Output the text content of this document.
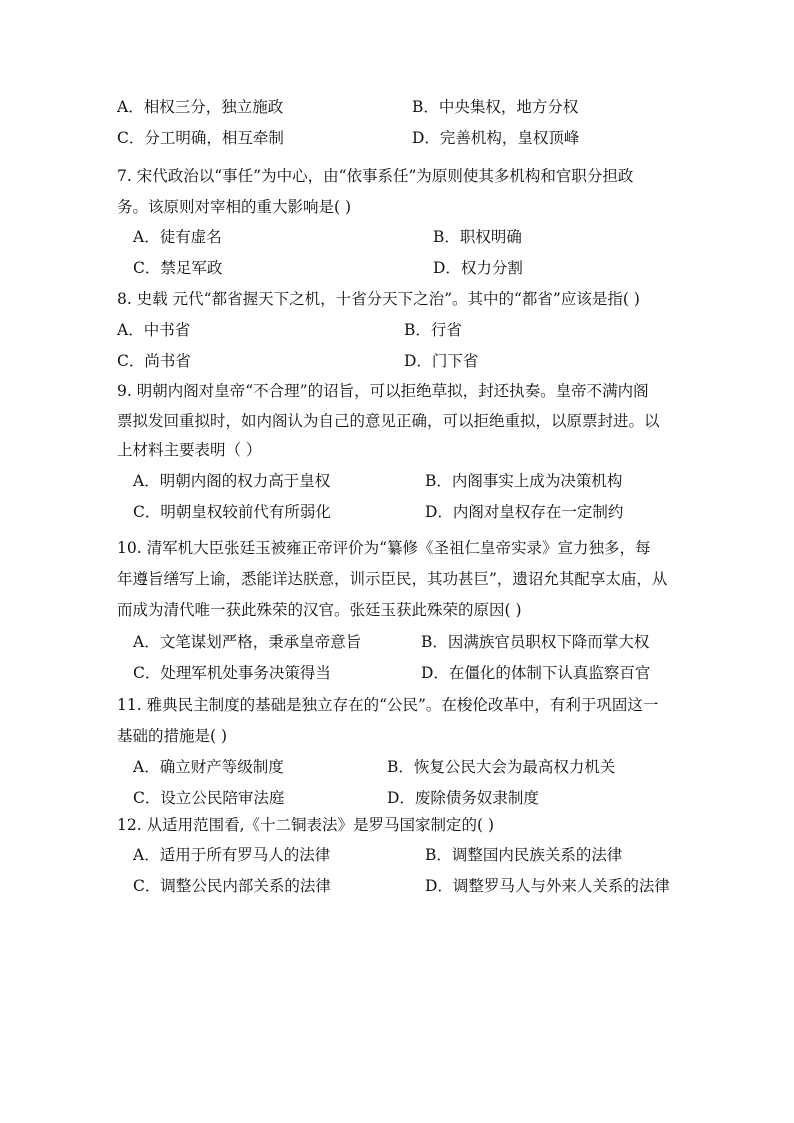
A．相权三分，独立施政	B．中央集权，地方分权
C．分工明确，相互牵制	D．完善机构，皇权顶峰
7. 宋代政治以“事任”为中心，由“依事系任”为原则使其多机构和官职分担政
务。该原则对宰相的重大影响是( )
A．徒有虚名	B．职权明确
C．禁足军政	D．权力分割
8. 史载 元代“都省握天下之机，十省分天下之治”。其中的“都省”应该是指( )
A．中书省	B．行省
C．尚书省	D．门下省
9. 明朝内阁对皇帝“不合理”的诏旨，可以拒绝草拟，封还执奏。皇帝不满内阁
票拟发回重拟时，如内阁认为自己的意见正确，可以拒绝重拟，以原票封进。以
上材料主要表明（ ）
A．明朝内阁的权力高于皇权	B．内阁事实上成为决策机构
C．明朝皇权较前代有所弱化	D．内阁对皇权存在一定制约
10. 清军机大臣张廷玉被雍正帝评价为“纂修《圣祖仁皇帝实录》宣力独多，每
年遵旨缮写上谕，悉能详达朕意，训示臣民，其功甚巨”，遗诏允其配享太庙，从
而成为清代唯一获此殊荣的汉官。张廷玉获此殊荣的原因( )
A．文笔谋划严格，秉承皇帝意旨	B．因满族官员职权下降而掌大权
C．处理军机处事务决策得当	D．在僵化的体制下认真监察百官
11. 雅典民主制度的基础是独立存在的“公民”。在梭伦改革中，有利于巩固这一
基础的措施是( )
A．确立财产等级制度	B．恢复公民大会为最高权力机关
C．设立公民陪审法庭	D．废除债务奴隶制度
12. 从适用范围看,《十二铜表法》是罗马国家制定的( )
A．适用于所有罗马人的法律	B．调整国内民族关系的法律
C．调整公民内部关系的法律	D．调整罗马人与外来人关系的法律
